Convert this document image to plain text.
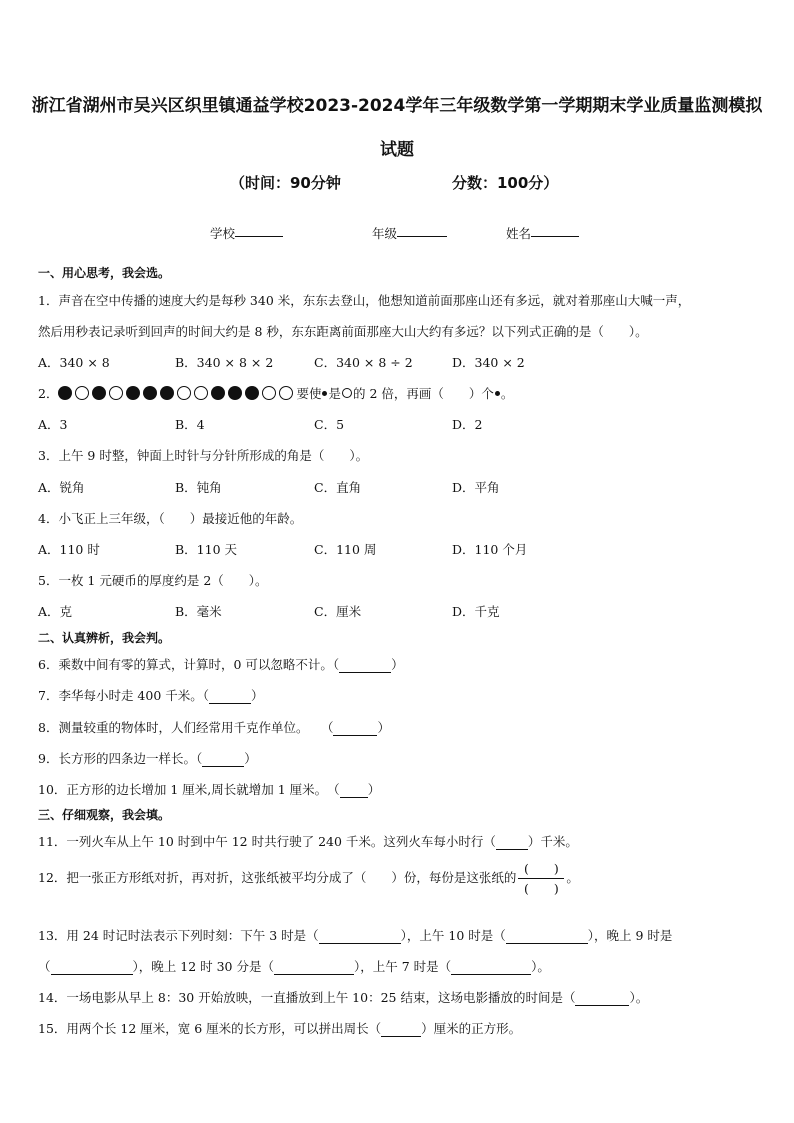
浙江省湖州市吴兴区织里镇通益学校2023-2024学年三年级数学第一学期期末学业质量监测模拟试题
（时间：90分钟	分数：100分）
学校	年级	姓名
一、用心思考，我会选。
1．声音在空中传播的速度大约是每秒 340 米，东东去登山，他想知道前面那座山还有多远，就对着那座山大喊一声，
然后用秒表记录听到回声的时间大约是 8 秒，东东距离前面那座大山大约有多远？以下列式正确的是（　　）。
A．340 × 8	B．340 × 8 × 2	C．340 × 8 ÷ 2	D．340 × 2
2．	要使 是 的 2 倍，再画（　　）个 。
A．3	B．4	C．5	D．2
3．上午 9 时整，钟面上时针与分针所形成的角是（　　）。
A．锐角	B．钝角	C．直角	D．平角
4．小飞正上三年级，（　　）最接近他的年龄。
A．110 时	B．110 天	C．110 周	D．110 个月
5．一枚 1 元硬币的厚度约是 2（　　）。
A．克	B．毫米	C．厘米	D．千克
二、认真辨析，我会判。
6．乘数中间有零的算式，计算时，0 可以忽略不计。（	）
7．李华每小时走 400 千米。（	）
8．测量较重的物体时，人们经常用千克作单位。　　（	）
9．长方形的四条边一样长。（	）
10．正方形的边长增加 1 厘米,周长就增加 1 厘米。　（ ）
三、仔细观察，我会填。
11．一列火车从上午 10 时到中午 12 时共行驶了 240 千米。这列火车每小时行（	）千米。
12．把一张正方形纸对折，再对折，这张纸被平均分成了（　　）份，每份是这张纸的 $\frac{( )}{( )}$ 。
13．用 24 时记时法表示下列时刻：下午 3 时是（	），上午 10 时是（	），晚上 9 时是
（	），晚上 12 时 30 分是（	），上午 7 时是（	）。
14．一场电影从早上 8：30 开始放映，一直播放到上午 10：25 结束，这场电影播放的时间是（	）。
15．用两个长 12 厘米，宽 6 厘米的长方形，可以拼出周长（	）厘米的正方形。
